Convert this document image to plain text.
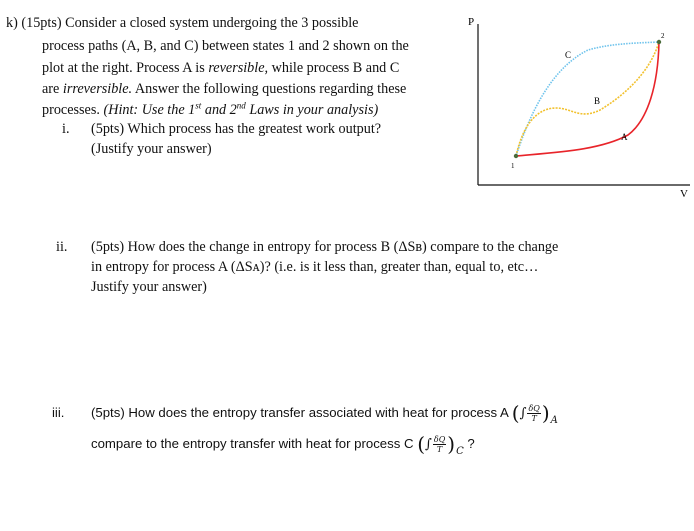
k) (15pts) Consider a closed system undergoing the 3 possible
process paths (A, B, and C) between states 1 and 2 shown on the
plot at the right. Process A is reversible, while process B and C
are irreversible. Answer the following questions regarding these
processes. (Hint: Use the 1st and 2nd Laws in your analysis)
i. (5pts) Which process has the greatest work output?
(Justify your answer)
ii. (5pts) How does the change in entropy for process B (ΔSʙ) compare to the change
in entropy for process A (ΔSᴀ)? (i.e. is it less than, greater than, equal to, etc…
Justify your answer)
iii. (5pts) How does the entropy transfer associated with heat for process A (∫ $\frac{\delta Q}{T})_A$
compare to the entropy transfer with heat for process C (∫ $\frac{\delta Q}{T})_C$ ?
P
V
1
2
C
B
A
